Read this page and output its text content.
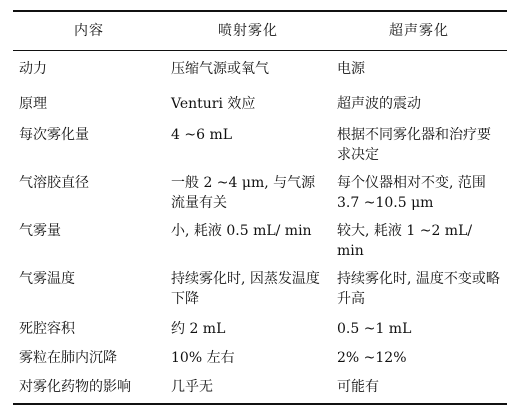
内容	喷射雾化	超声雾化

动力	压缩气源或氧气	电源

原理	Venturi 效应	超声波的震动

每次雾化量	4 ~6 mL	根据不同雾化器和治疗要求决定

气溶胶直径	一般 2 ~4 μm, 与气源流量有关	每个仪器相对不变, 范围 3.7 ~10.5 μm

气雾量	小, 耗液 0.5 mL/ min	较大, 耗液 1 ~2 mL/ min

气雾温度	持续雾化时, 因蒸发温度下降	持续雾化时, 温度不变或略升高

死腔容积	约 2 mL	0.5 ~1 mL

雾粒在肺内沉降	10% 左右	2% ~12%

对雾化药物的影响	几乎无	可能有
